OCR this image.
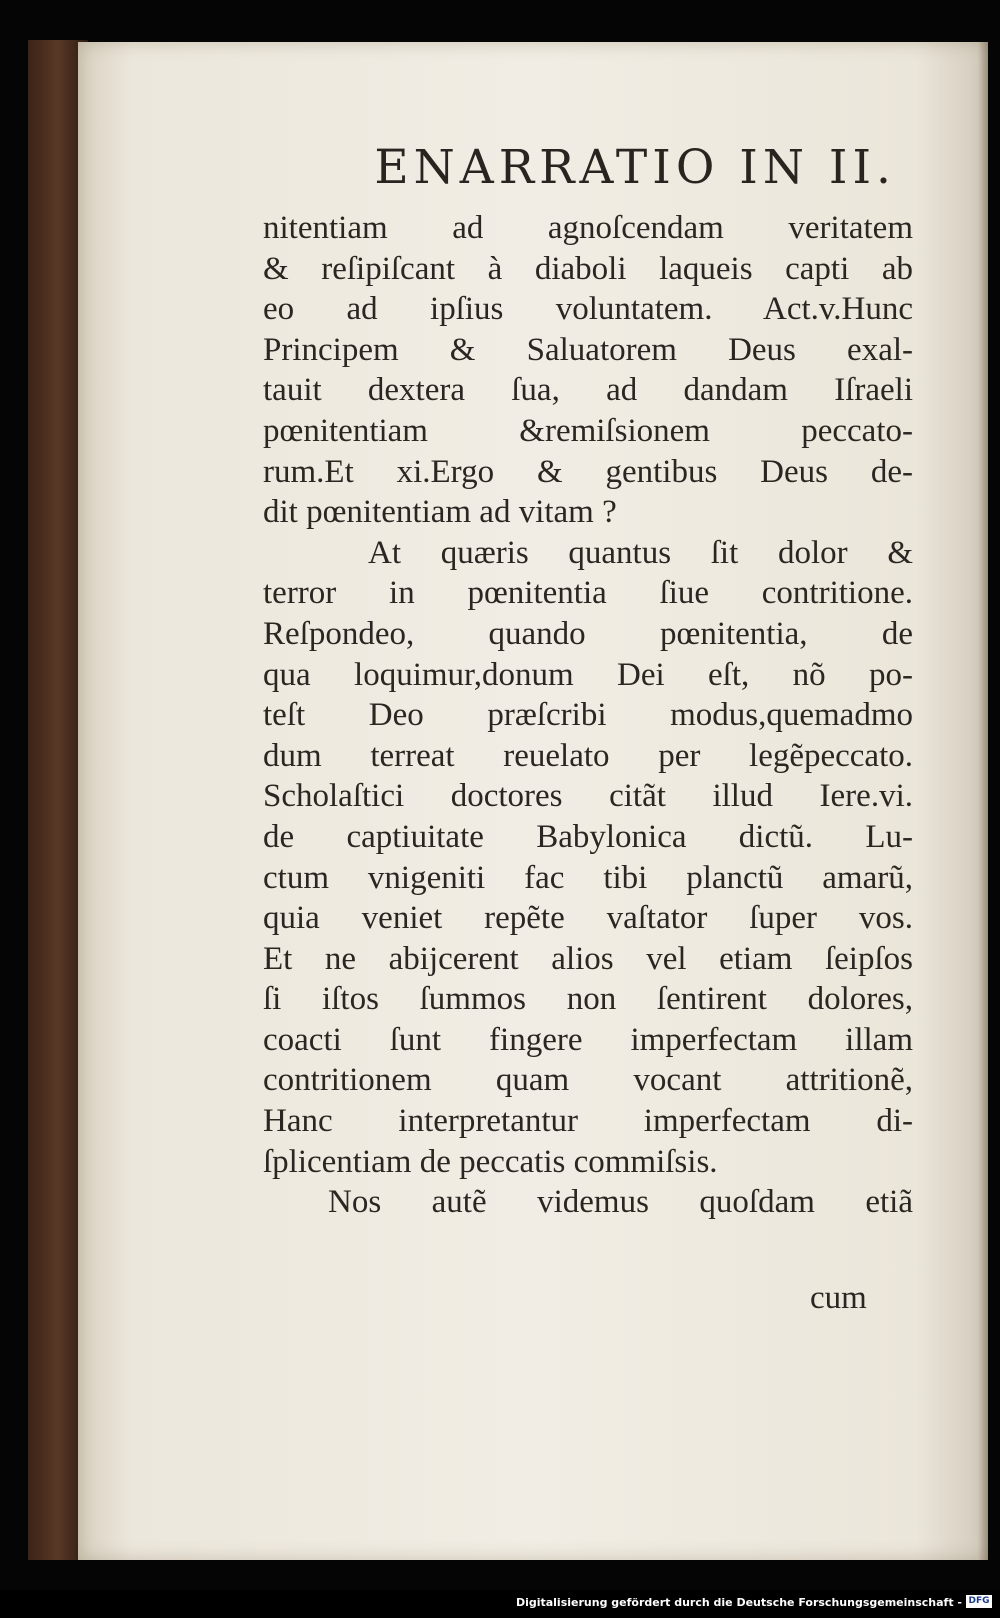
ENARRATIO IN II.
nitentiam ad agnoſcendam veritatem
& reſipiſcant à diaboli laqueis capti ab
eo ad ipſius voluntatem. Act.v.Hunc
Principem & Saluatorem Deus exal-
tauit dextera ſua, ad dandam Iſraeli
pœnitentiam &remiſsionem peccato-
rum.Et xi.Ergo & gentibus Deus de-
dit pœnitentiam ad vitam ?
At quæris quantus ſit dolor &
terror in pœnitentia ſiue contritione.
Reſpondeo, quando pœnitentia, de
qua loquimur,donum Dei eſt, nõ po-
teſt Deo præſcribi modus,quemadmo
dum terreat reuelato per legẽpeccato.
Scholaſtici doctores citãt illud Iere.vi.
de captiuitate Babylonica dictũ. Lu-
ctum vnigeniti fac tibi planctũ amarũ,
quia veniet repẽte vaſtator ſuper vos.
Et ne abijcerent alios vel etiam ſeipſos
ſi iſtos ſummos non ſentirent dolores,
coacti ſunt fingere imperfectam illam
contritionem quam vocant attritionẽ,
Hanc interpretantur imperfectam di-
ſplicentiam de peccatis commiſsis.
Nos autẽ videmus quoſdam etiã
cum
Digitalisierung gefördert durch die Deutsche Forschungsgemeinschaft - DFG
